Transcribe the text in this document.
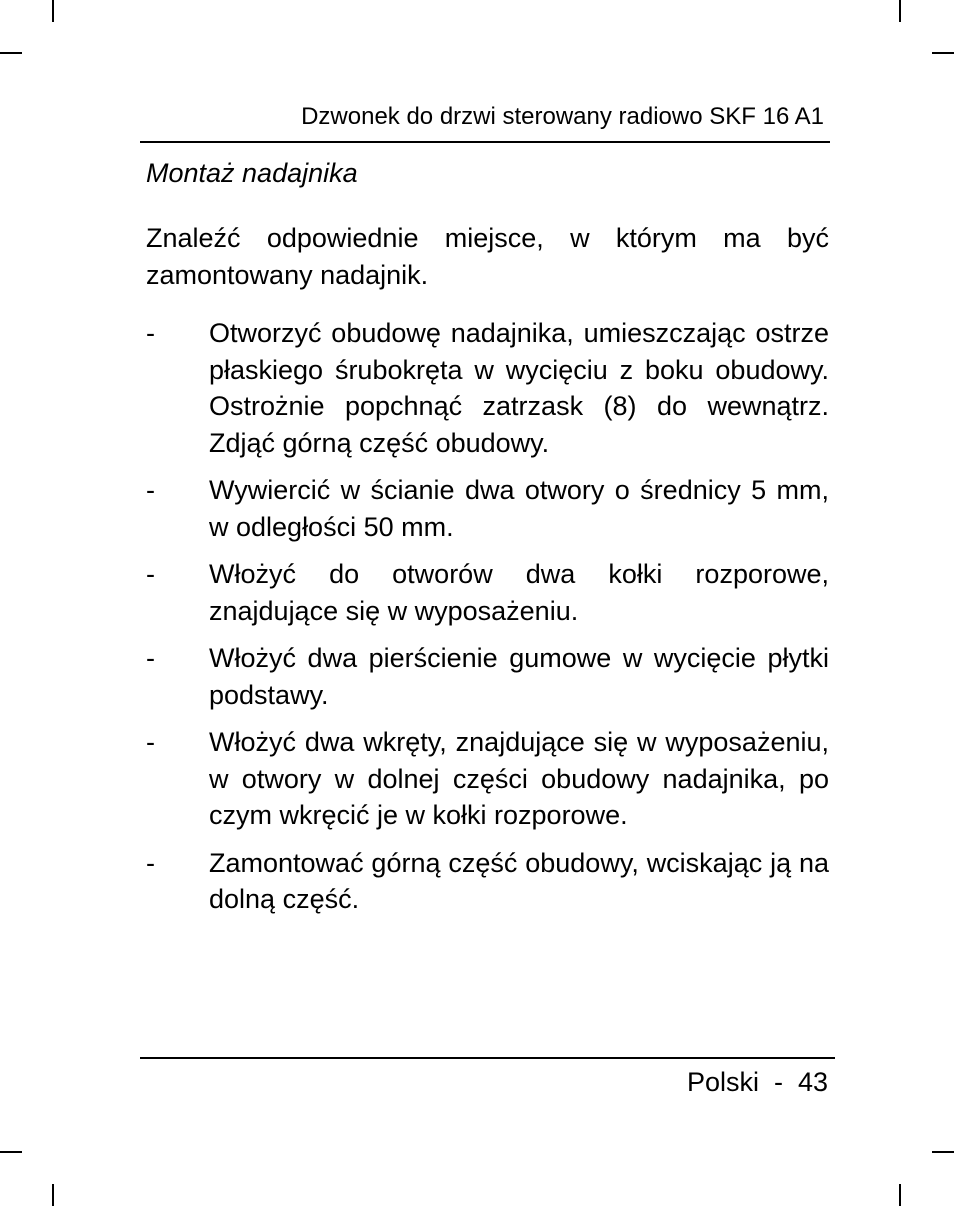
Dzwonek do drzwi sterowany radiowo SKF 16 A1
Montaż nadajnika

Znaleźć odpowiednie miejsce, w którym ma być zamontowany nadajnik.

- Otworzyć obudowę nadajnika, umieszczając ostrze płaskiego śrubokręta w wycięciu z boku obudowy. Ostrożnie popchnąć zatrzask (8) do wewnątrz. Zdjąć górną część obudowy.
- Wywiercić w ścianie dwa otwory o średnicy 5 mm, w odległości 50 mm.
- Włożyć do otworów dwa kołki rozporowe, znajdujące się w wyposażeniu.
- Włożyć dwa pierścienie gumowe w wycięcie płytki podstawy.
- Włożyć dwa wkręty, znajdujące się w wyposażeniu, w otwory w dolnej części obudowy nadajnika, po czym wkręcić je w kołki rozporowe.
- Zamontować górną część obudowy, wciskając ją na dolną część.
Polski  -  43
